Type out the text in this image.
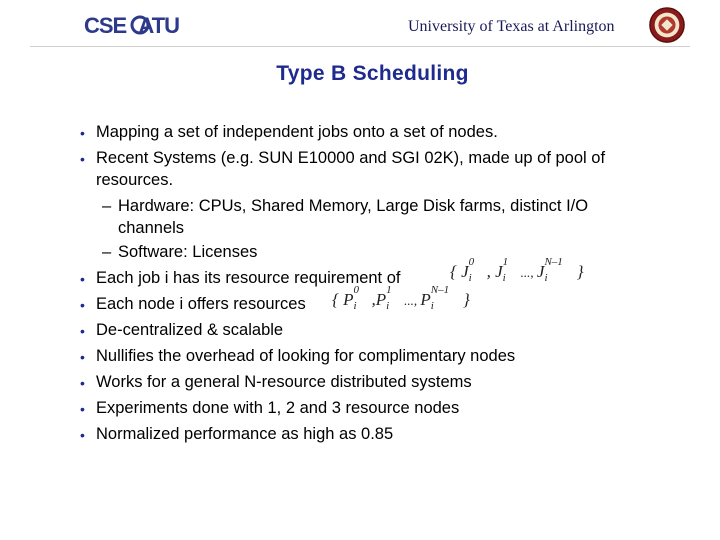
CSE UTA	University of Texas at Arlington
Type B Scheduling
• Mapping a set of independent jobs onto a set of nodes.
• Recent Systems (e.g. SUN E10000 and SGI 02K), made up of pool of
resources.
– Hardware: CPUs, Shared Memory, Large Disk farms, distinct I/O
channels
– Software: Licenses
• Each job i has its resource requirement of	{ J 0
i , J 1
i ..., J N–1
i }
• Each node i offers resources { P 0
i ,P 1
i ..., P N–1
i }
• De-centralized & scalable
• Nullifies the overhead of looking for complimentary nodes
• Works for a general N-resource distributed systems
• Experiments done with 1, 2 and 3 resource nodes
• Normalized performance as high as 0.85
